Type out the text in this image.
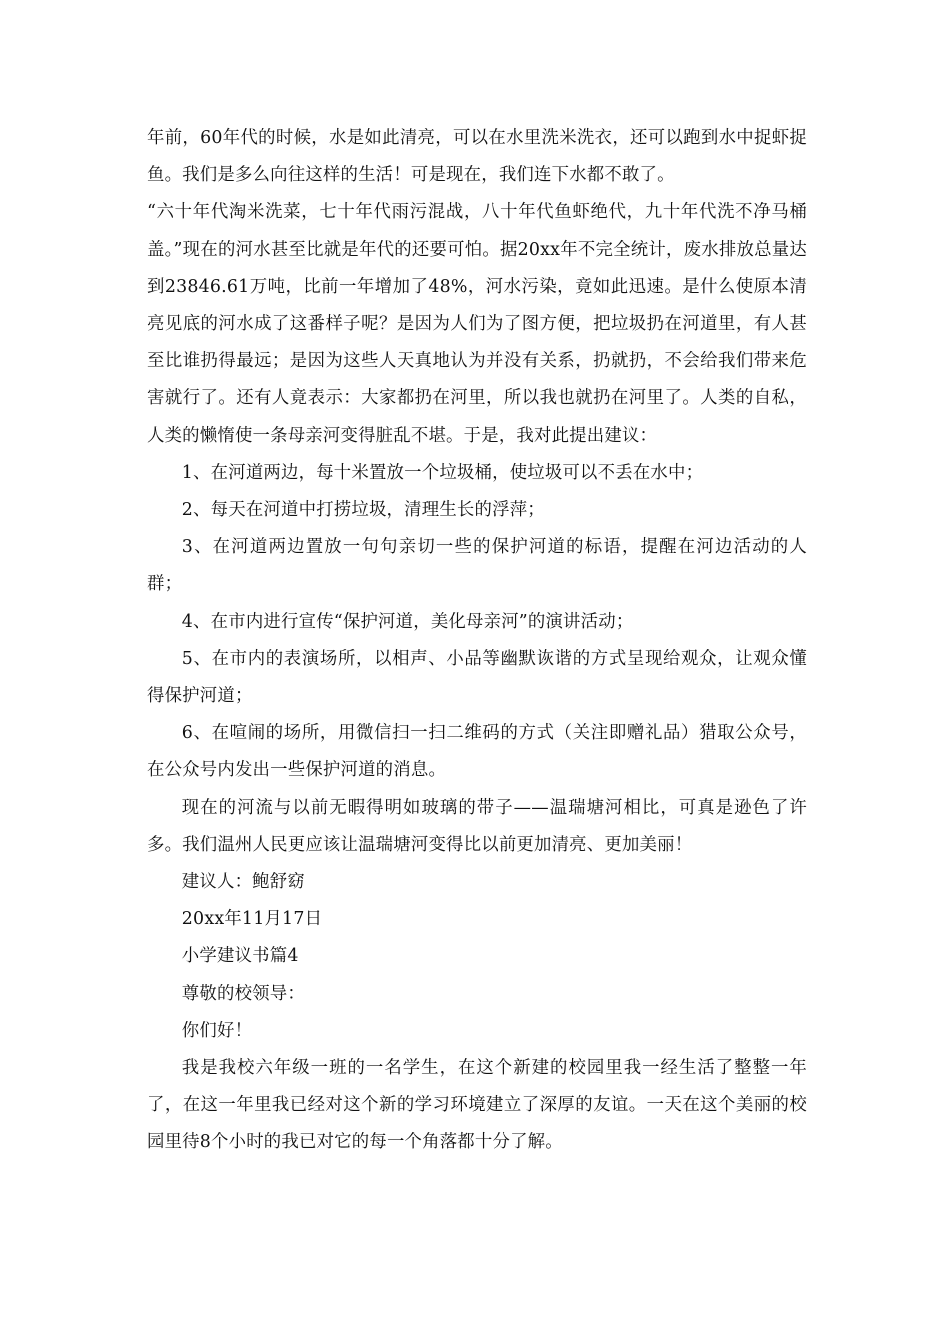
年前，60年代的时候，水是如此清亮，可以在水里洗米洗衣，还可以跑到水中捉虾捉鱼。我们是多么向往这样的生活！可是现在，我们连下水都不敢了。

“六十年代淘米洗菜，七十年代雨污混战，八十年代鱼虾绝代，九十年代洗不净马桶盖。”现在的河水甚至比就是年代的还要可怕。据20xx年不完全统计，废水排放总量达到23846.61万吨，比前一年增加了48%，河水污染，竟如此迅速。是什么使原本清亮见底的河水成了这番样子呢？是因为人们为了图方便，把垃圾扔在河道里，有人甚至比谁扔得最远；是因为这些人天真地认为并没有关系，扔就扔，不会给我们带来危害就行了。还有人竟表示：大家都扔在河里，所以我也就扔在河里了。人类的自私，人类的懒惰使一条母亲河变得脏乱不堪。于是，我对此提出建议：

1、在河道两边，每十米置放一个垃圾桶，使垃圾可以不丢在水中；

2、每天在河道中打捞垃圾，清理生长的浮萍；

3、在河道两边置放一句句亲切一些的保护河道的标语，提醒在河边活动的人群；

4、在市内进行宣传“保护河道，美化母亲河”的演讲活动；

5、在市内的表演场所，以相声、小品等幽默诙谐的方式呈现给观众，让观众懂得保护河道；

6、在喧闹的场所，用微信扫一扫二维码的方式（关注即赠礼品）猎取公众号，在公众号内发出一些保护河道的消息。

现在的河流与以前无暇得明如玻璃的带子——温瑞塘河相比，可真是逊色了许多。我们温州人民更应该让温瑞塘河变得比以前更加清亮、更加美丽！

建议人：鲍舒窈

20xx年11月17日

小学建议书篇4

尊敬的校领导：

你们好！

我是我校六年级一班的一名学生，在这个新建的校园里我一经生活了整整一年了，在这一年里我已经对这个新的学习环境建立了深厚的友谊。一天在这个美丽的校园里待8个小时的我已对它的每一个角落都十分了解。
